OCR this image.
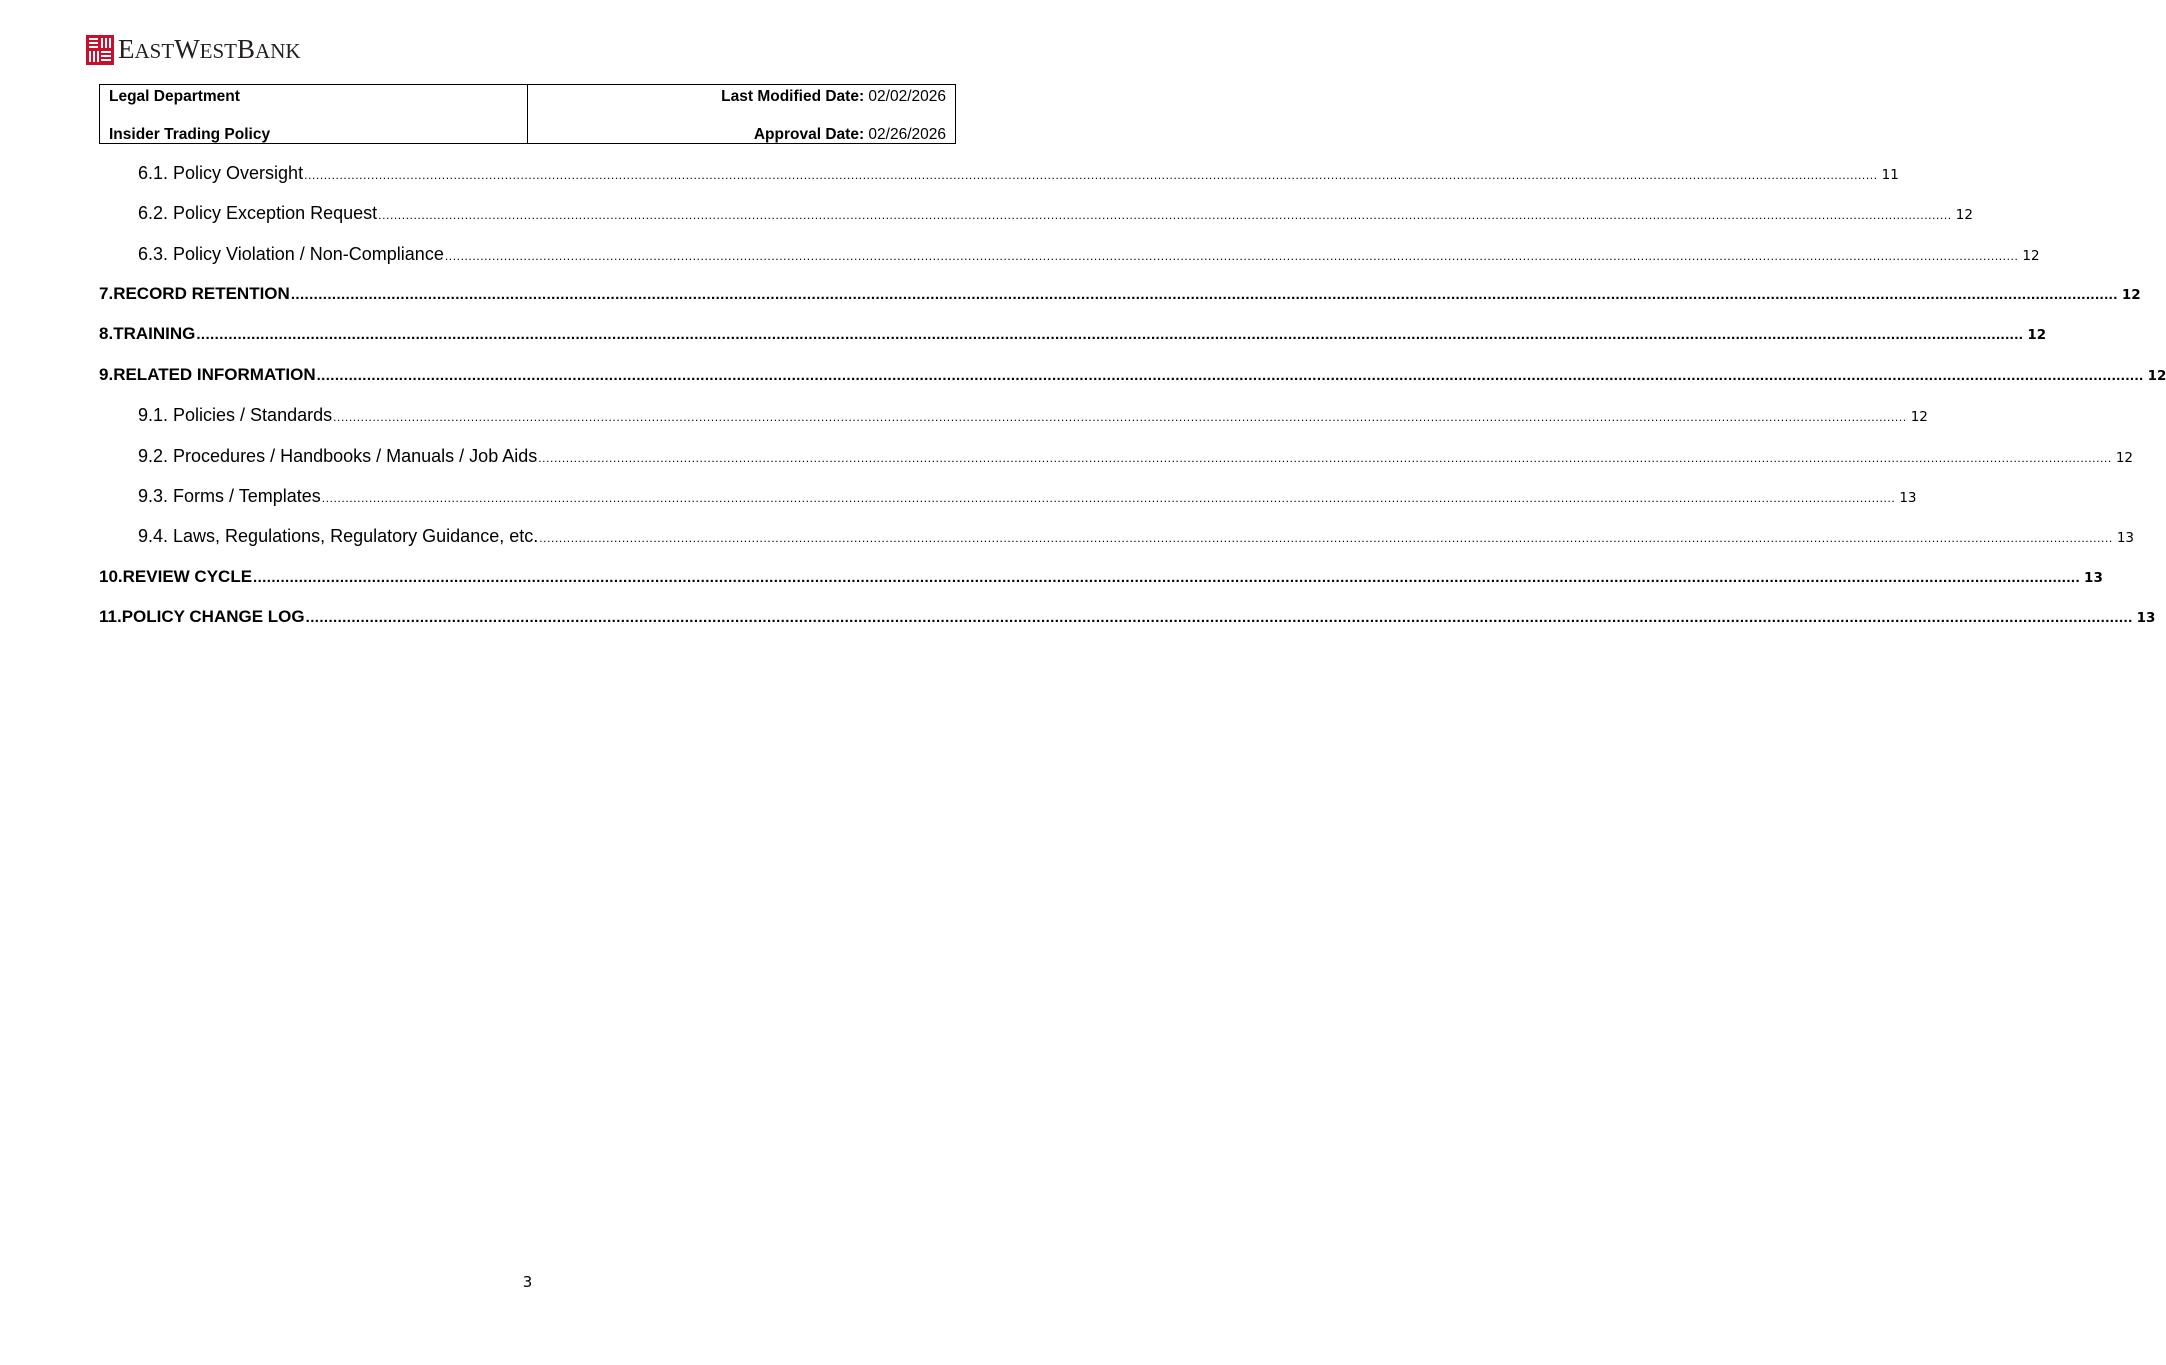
EASTWESTBANK
Legal Department
Insider Trading Policy

Last Modified Date: 02/02/2026
Approval Date: 02/26/2026
6.1. Policy Oversight ................................................................................................................................................................................................................................................................................................................................................................................................................ 11
6.2. Policy Exception Request ................................................................................................................................................................................................................................................................................................................................................................................................................ 12
6.3. Policy Violation / Non-Compliance ................................................................................................................................................................................................................................................................................................................................................................................................................ 12
7. RECORD RETENTION ................................................................................................................................................................................................................................................................................................................................................................................................................ 12
8. TRAINING ................................................................................................................................................................................................................................................................................................................................................................................................................ 12
9. RELATED INFORMATION ................................................................................................................................................................................................................................................................................................................................................................................................................ 12
9.1. Policies / Standards ................................................................................................................................................................................................................................................................................................................................................................................................................ 12
9.2. Procedures / Handbooks / Manuals / Job Aids ................................................................................................................................................................................................................................................................................................................................................................................................................ 12
9.3. Forms / Templates ................................................................................................................................................................................................................................................................................................................................................................................................................ 13
9.4. Laws, Regulations, Regulatory Guidance, etc. ................................................................................................................................................................................................................................................................................................................................................................................................................ 13
10. REVIEW CYCLE ................................................................................................................................................................................................................................................................................................................................................................................................................ 13
11. POLICY CHANGE LOG ................................................................................................................................................................................................................................................................................................................................................................................................................ 13
3
